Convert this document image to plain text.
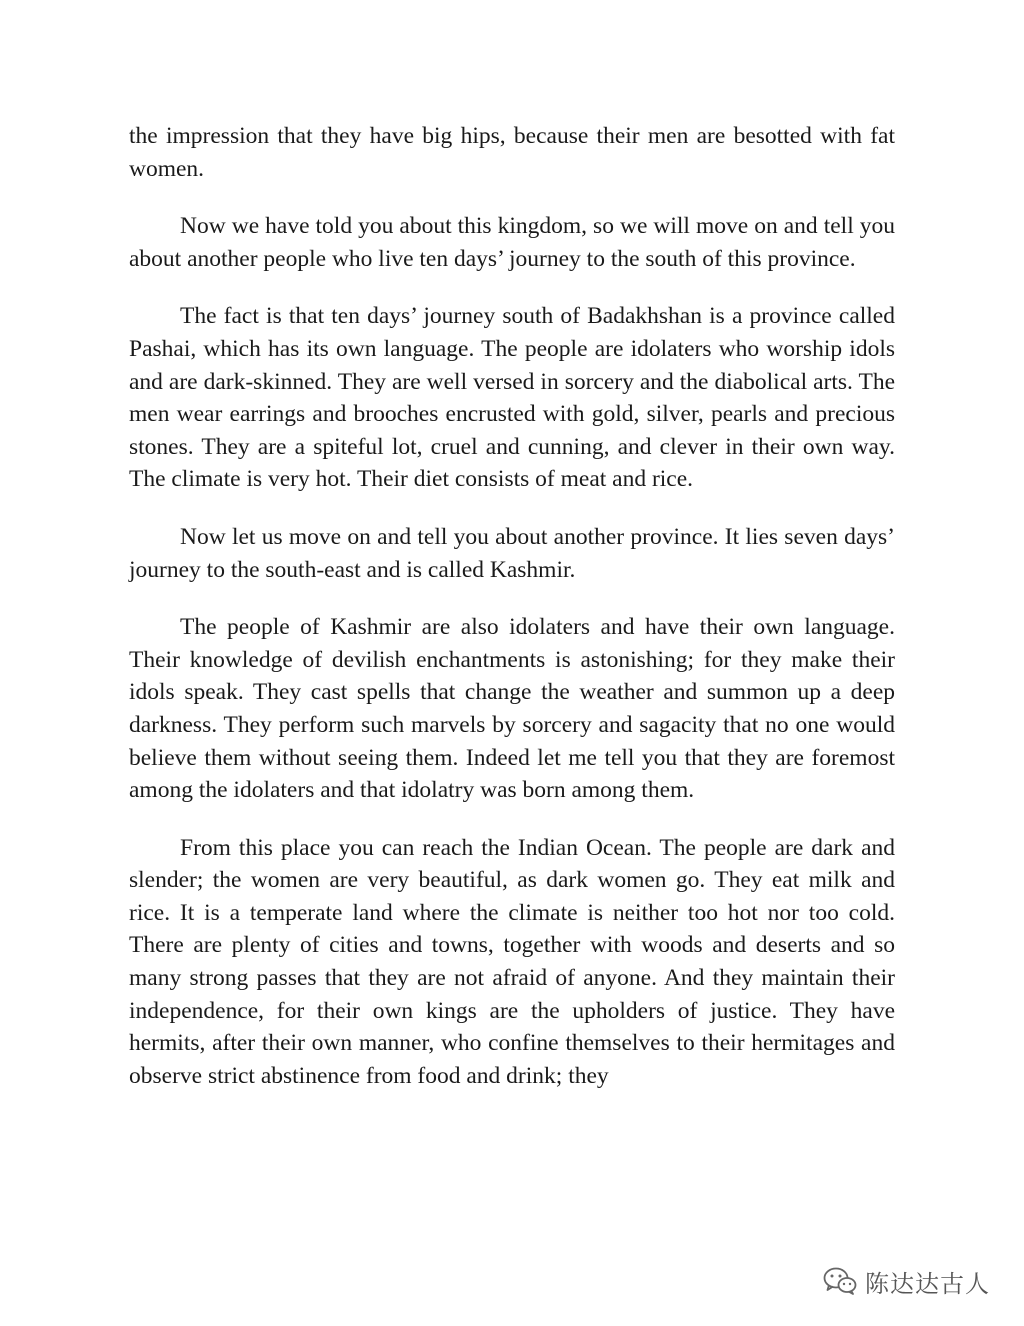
the impression that they have big hips, because their men are besotted with fat women.

Now we have told you about this kingdom, so we will move on and tell you about another people who live ten days’ journey to the south of this province.

The fact is that ten days’ journey south of Badakhshan is a province called Pashai, which has its own language. The people are idolaters who worship idols and are dark-skinned. They are well versed in sorcery and the diabolical arts. The men wear earrings and brooches encrusted with gold, silver, pearls and precious stones. They are a spiteful lot, cruel and cunning, and clever in their own way. The climate is very hot. Their diet consists of meat and rice.

Now let us move on and tell you about another province. It lies seven days’ journey to the south-east and is called Kashmir.

The people of Kashmir are also idolaters and have their own language. Their knowledge of devilish enchantments is astonishing; for they make their idols speak. They cast spells that change the weather and summon up a deep darkness. They perform such marvels by sorcery and sagacity that no one would believe them without seeing them. Indeed let me tell you that they are foremost among the idolaters and that idolatry was born among them.

From this place you can reach the Indian Ocean. The people are dark and slender; the women are very beautiful, as dark women go. They eat milk and rice. It is a temperate land where the climate is neither too hot nor too cold. There are plenty of cities and towns, together with woods and deserts and so many strong passes that they are not afraid of anyone. And they maintain their independence, for their own kings are the upholders of justice. They have hermits, after their own manner, who confine themselves to their hermitages and observe strict abstinence from food and drink; they

陈达达古人
